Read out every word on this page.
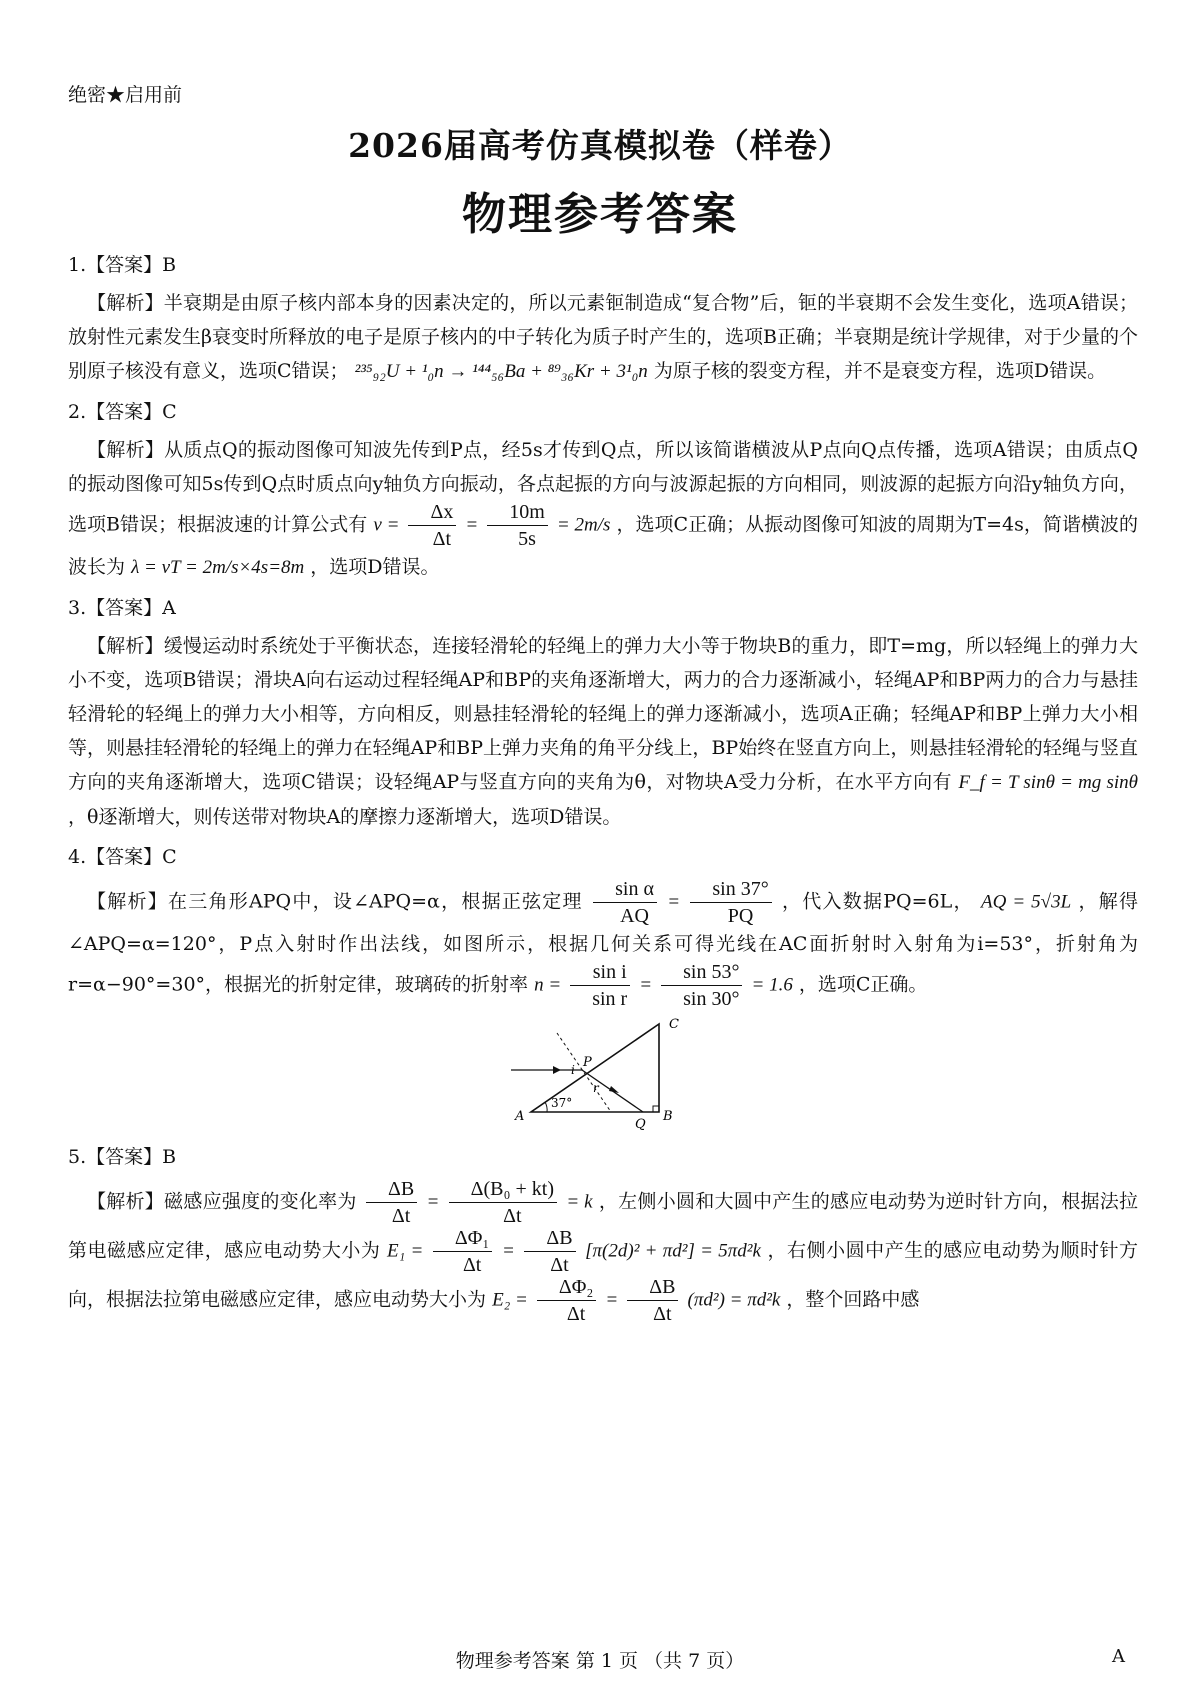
绝密★启用前
2026届高考仿真模拟卷（样卷）
物理参考答案
1.【答案】B
【解析】半衰期是由原子核内部本身的因素决定的，所以元素钷制造成“复合物”后，钷的半衰期不会发生变化，选项A错误；放射性元素发生β衰变时所释放的电子是原子核内的中子转化为质子时产生的，选项B正确；半衰期是统计学规律，对于少量的个别原子核没有意义，选项C错误； ²³⁵₉₂U + ¹₀n → ¹⁴⁴₅₆Ba + ⁸⁹₃₆Kr + 3¹₀n 为原子核的裂变方程，并不是衰变方程，选项D错误。
2.【答案】C
【解析】从质点Q的振动图像可知波先传到P点，经5s才传到Q点，所以该简谐横波从P点向Q点传播，选项A错误；由质点Q的振动图像可知5s传到Q点时质点向y轴负方向振动，各点起振的方向与波源起振的方向相同，则波源的起振方向沿y轴负方向，选项B错误；根据波速的计算公式有 $v = \frac{\Delta x}{\Delta t} = \frac{10m}{5s} = 2m/s$ ，选项C正确；从振动图像可知波的周期为T=4s，简谐横波的波长为 λ = vT = 2m/s×4s=8m ，选项D错误。
3.【答案】A
【解析】缓慢运动时系统处于平衡状态，连接轻滑轮的轻绳上的弹力大小等于物块B的重力，即T=mg，所以轻绳上的弹力大小不变，选项B错误；滑块A向右运动过程轻绳AP和BP的夹角逐渐增大，两力的合力逐渐减小，轻绳AP和BP两力的合力与悬挂轻滑轮的轻绳上的弹力大小相等，方向相反，则悬挂轻滑轮的轻绳上的弹力逐渐减小，选项A正确；轻绳AP和BP上弹力大小相等，则悬挂轻滑轮的轻绳上的弹力在轻绳AP和BP上弹力夹角的角平分线上，BP始终在竖直方向上，则悬挂轻滑轮的轻绳与竖直方向的夹角逐渐增大，选项C错误；设轻绳AP与竖直方向的夹角为θ，对物块A受力分析，在水平方向有 F_f = T sinθ = mg sinθ ，θ逐渐增大，则传送带对物块A的摩擦力逐渐增大，选项D错误。
4.【答案】C
【解析】在三角形APQ中，设∠APQ=α，根据正弦定理 $\frac{\text{sin α}}{AQ} = \frac{\sin 37^\circ}{PQ}$ ，代入数据PQ=6L， AQ = 5√3L ，解得∠APQ=α=120°，P点入射时作出法线，如图所示，根据几何关系可得光线在AC面折射时入射角为i=53°，折射角为r=α−90°=30°，根据光的折射定律，玻璃砖的折射率 $n = \frac{\text{sin i}}{\text{sin r}} = \frac{\sin 53^\circ}{\sin 30^\circ} = 1.6$ ，选项C正确。
C
P
i
r
37°
A
Q
B
5.【答案】B
【解析】磁感应强度的变化率为 $\frac{\Delta B}{\Delta t} = \frac{\text{Δ(B₀ + kt)}}{\Delta t} = k$ ，左侧小圆和大圆中产生的感应电动势为逆时针方向，根据法拉第电磁感应定律，感应电动势大小为 $E_1 = \frac{\text{ΔΦ₁}}{\Delta t} = \frac{\Delta B}{\Delta t} [\pi(2d)^2 + \pi d^2] = 5\pi d^2k$ ，右侧小圆中产生的感应电动势为顺时针方向，根据法拉第电磁感应定律，感应电动势大小为 $E_2 = \frac{\text{ΔΦ₂}}{\Delta t} = \frac{\Delta B}{\Delta t} (\pi d^2) = \pi d^2k$ ，整个回路中感
物理参考答案 第 1 页 （共 7 页）	A
